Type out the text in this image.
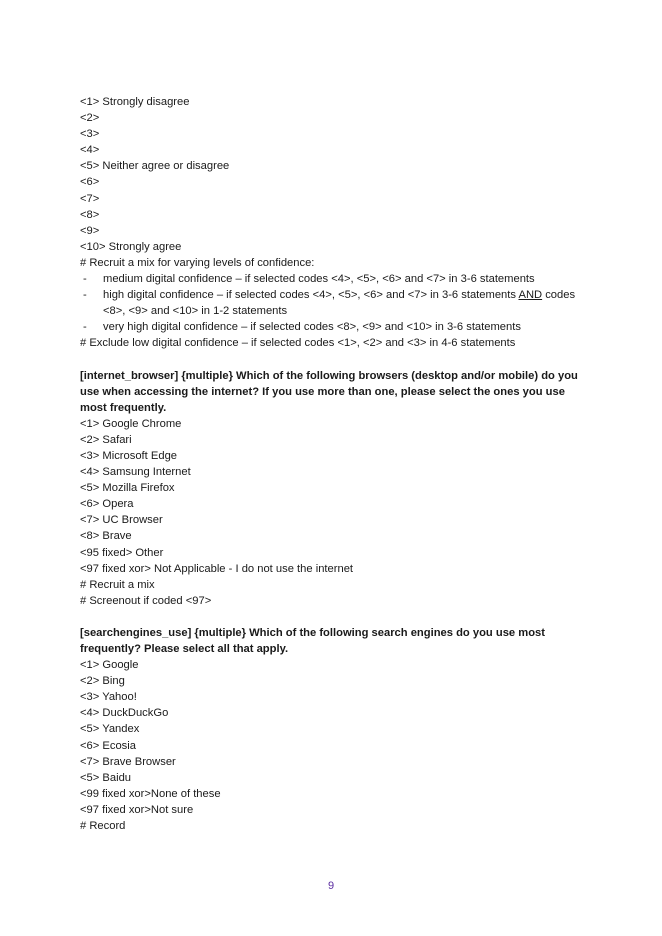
<1> Strongly disagree
<2>
<3>
<4>
<5> Neither agree or disagree
<6>
<7>
<8>
<9>
<10> Strongly agree
# Recruit a mix for varying levels of confidence:
- medium digital confidence – if selected codes <4>, <5>, <6> and <7> in 3-6 statements
- high digital confidence – if selected codes <4>, <5>, <6> and <7> in 3-6 statements AND codes <8>, <9> and <10> in 1-2 statements
- very high digital confidence – if selected codes <8>, <9> and <10> in 3-6 statements
# Exclude low digital confidence – if selected codes <1>, <2> and <3> in 4-6 statements
[internet_browser] {multiple} Which of the following browsers (desktop and/or mobile) do you use when accessing the internet? If you use more than one, please select the ones you use most frequently.
<1> Google Chrome
<2> Safari
<3> Microsoft Edge
<4> Samsung Internet
<5> Mozilla Firefox
<6> Opera
<7> UC Browser
<8> Brave
<95 fixed> Other
<97 fixed xor> Not Applicable - I do not use the internet
# Recruit a mix
# Screenout if coded <97>
[searchengines_use] {multiple} Which of the following search engines do you use most frequently? Please select all that apply.
<1> Google
<2> Bing
<3> Yahoo!
<4> DuckDuckGo
<5> Yandex
<6> Ecosia
<7> Brave Browser
<5> Baidu
<99 fixed xor>None of these
<97 fixed xor>Not sure
# Record
9
